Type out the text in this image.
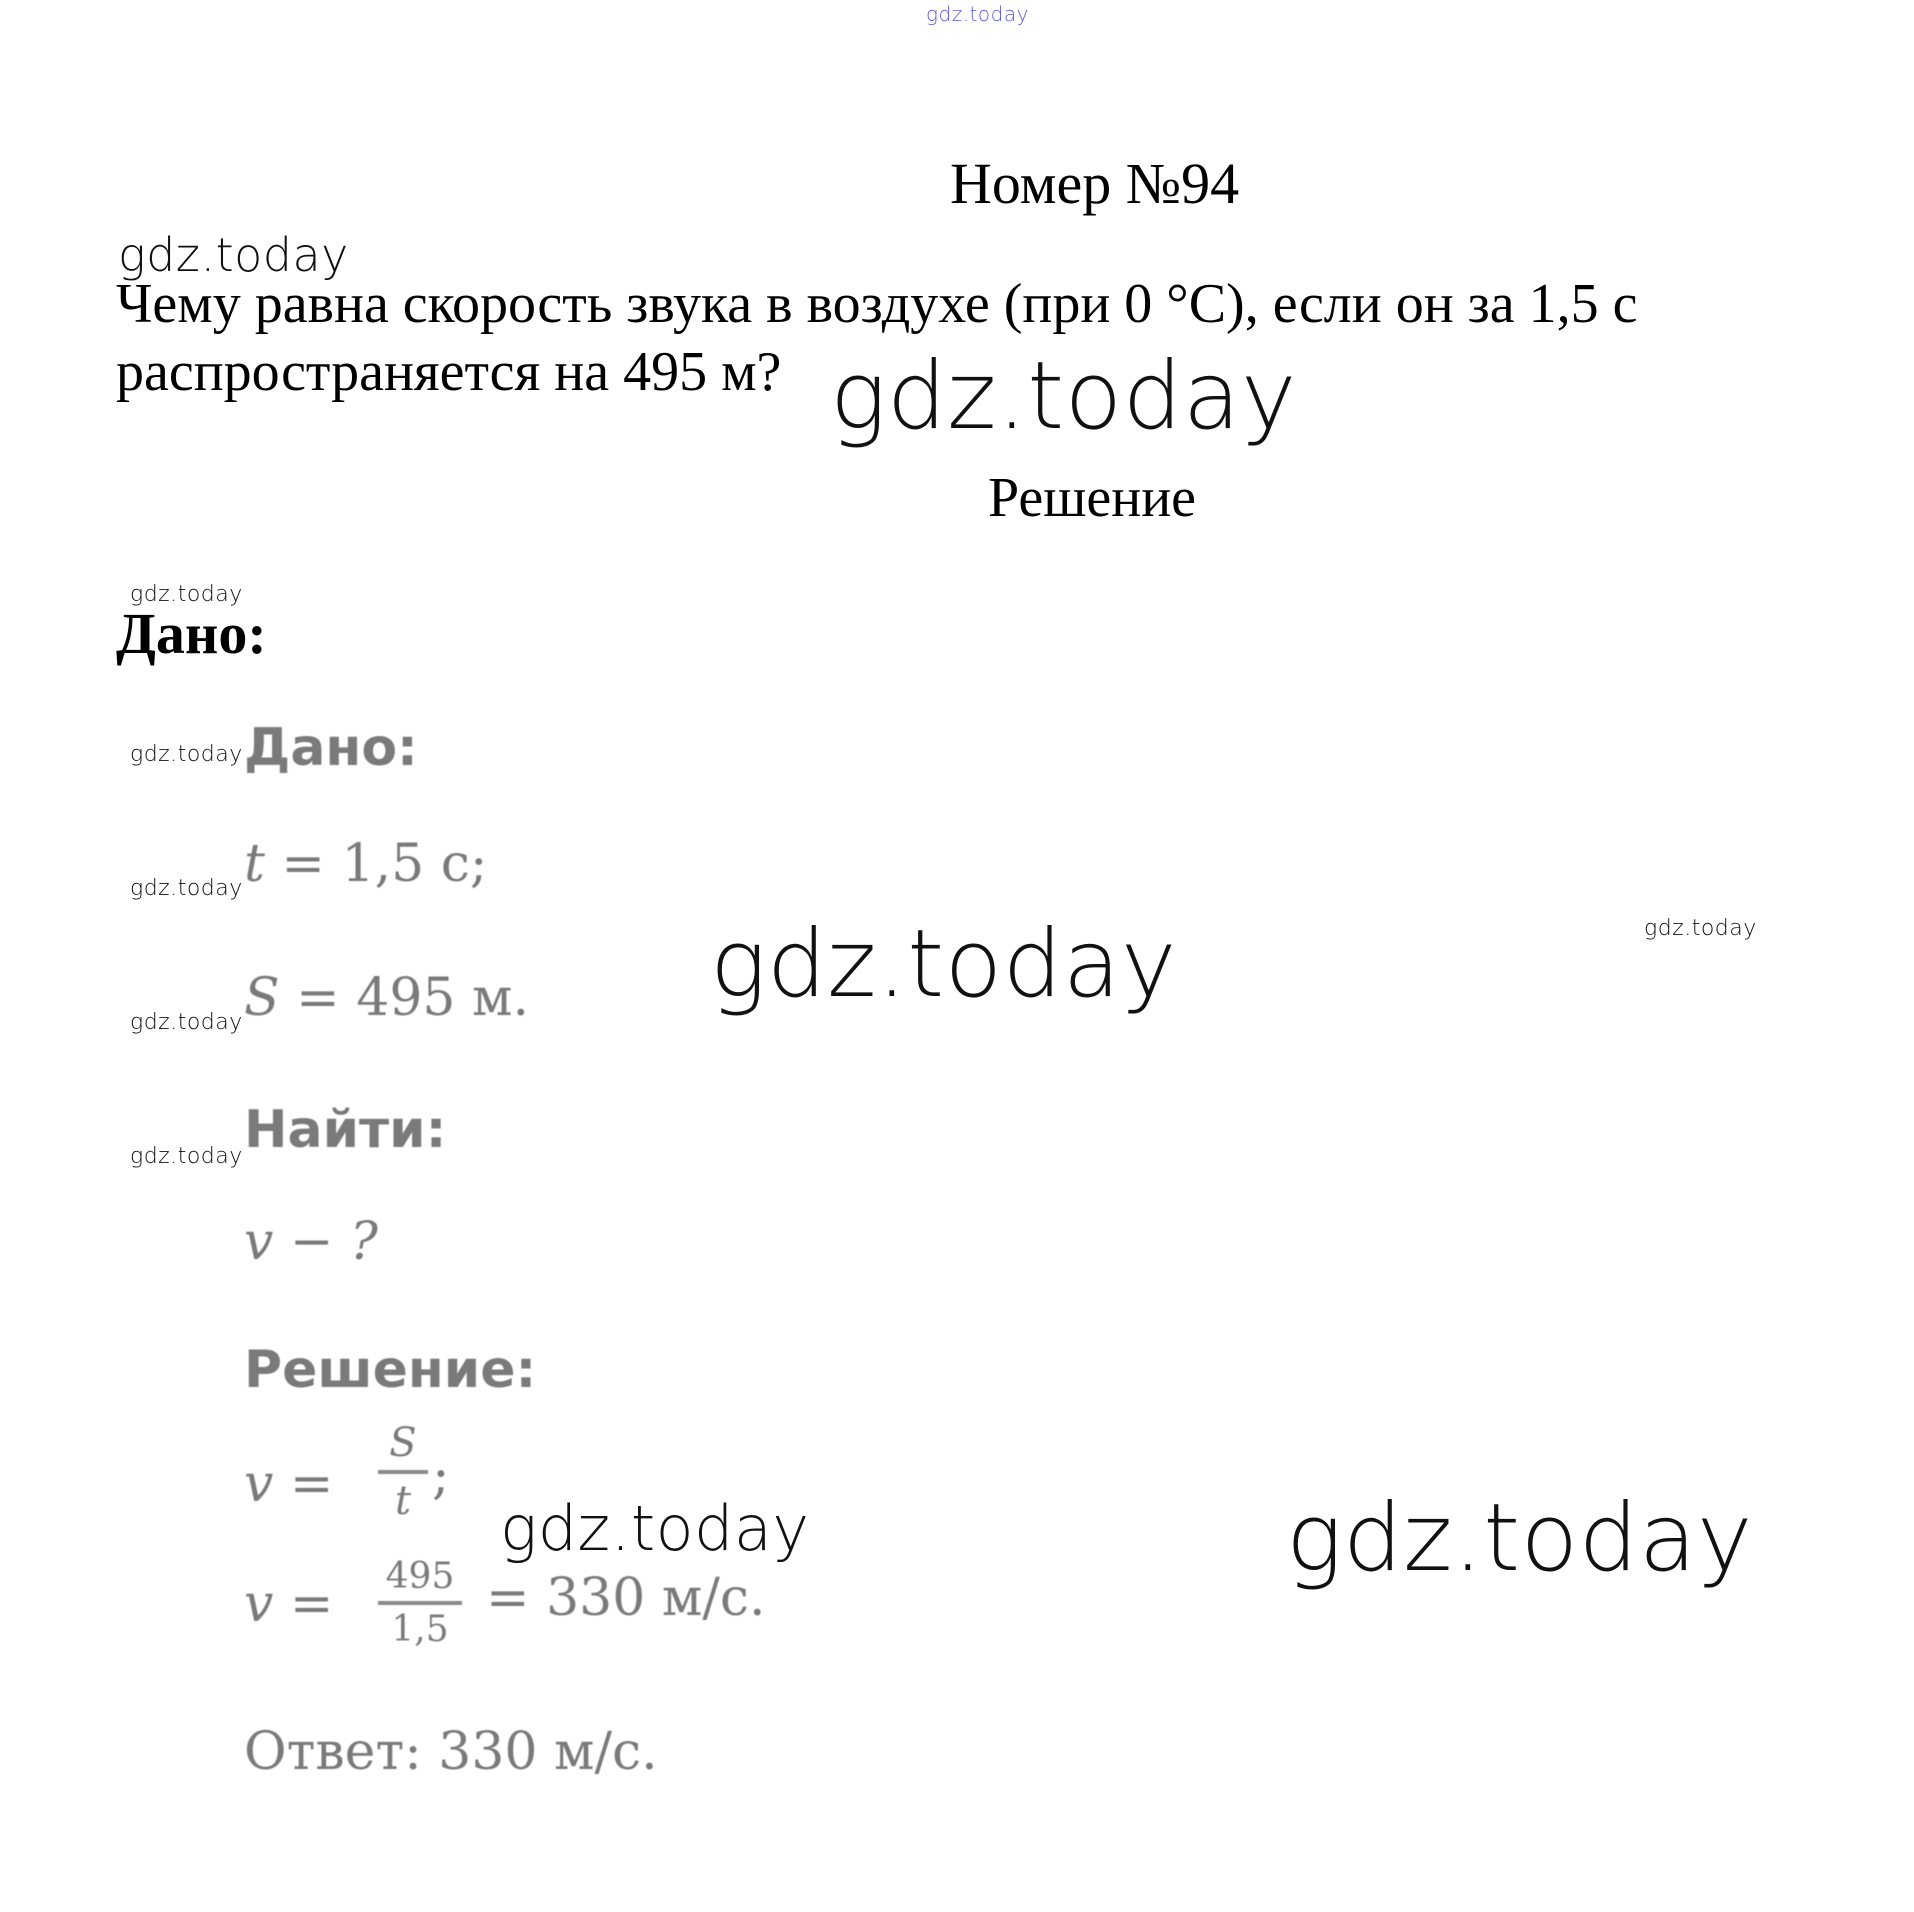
gdz.today
gdz.today
gdz.today
gdz.today
gdz.today
gdz.today
gdz.today
gdz.today
gdz.today
gdz.today
gdz.today	gdz.today
Номер №94
Чему равна скорость звука в воздухе (при 0 °С), если он за 1,5 с
распространяется на 495 м?
Решение
Дано:
Дано:
t = 1,5 с;
S = 495 м.
Найти:
v − ?
Решение:
v =
S
t ;
v = 495
1,5
= 330 м/с.
Ответ: 330 м/с.
